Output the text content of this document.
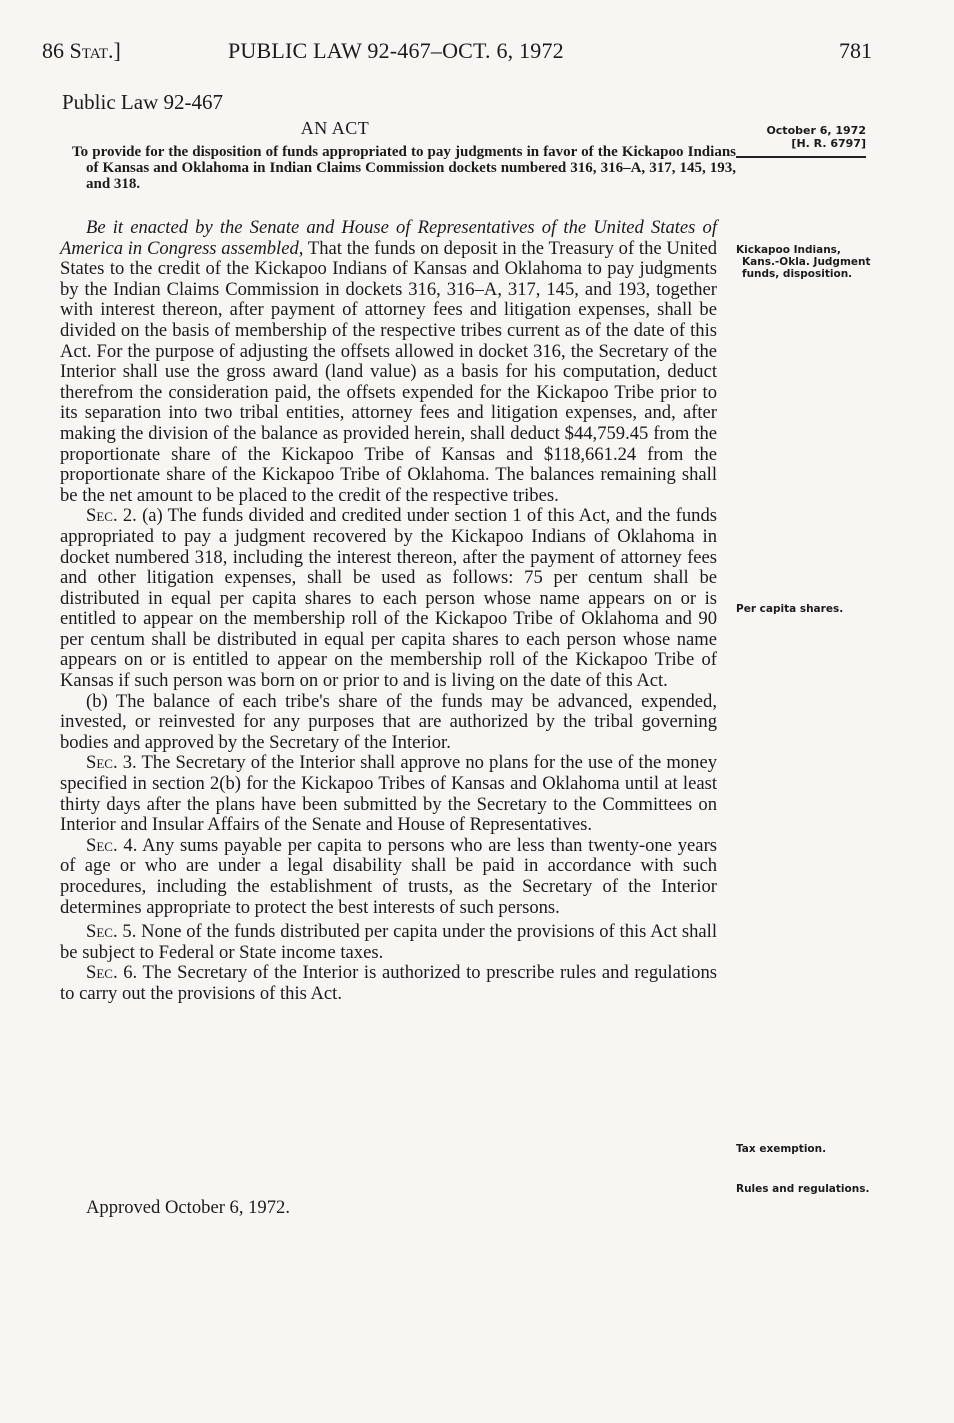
86 Stat.]	PUBLIC LAW 92-467–OCT. 6, 1972	781
Public Law 92-467
AN ACT
To provide for the disposition of funds appropriated to pay judgments in favor of the Kickapoo Indians of Kansas and Oklahoma in Indian Claims Commission dockets numbered 316, 316–A, 317, 145, 193, and 318.
October 6, 1972
[H. R. 6797]

Be it enacted by the Senate and House of Representatives of the United States of America in Congress assembled, That the funds on deposit in the Treasury of the United States to the credit of the Kickapoo Indians of Kansas and Oklahoma to pay judgments by the Indian Claims Commission in dockets 316, 316–A, 317, 145, and 193, together with interest thereon, after payment of attorney fees and litigation expenses, shall be divided on the basis of membership of the respective tribes current as of the date of this Act. For the purpose of adjusting the offsets allowed in docket 316, the Secretary of the Interior shall use the gross award (land value) as a basis for his computation, deduct therefrom the consideration paid, the offsets expended for the Kickapoo Tribe prior to its separation into two tribal entities, attorney fees and litigation expenses, and, after making the division of the balance as provided herein, shall deduct $44,759.45 from the proportionate share of the Kickapoo Tribe of Kansas and $118,661.24 from the proportionate share of the Kickapoo Tribe of Oklahoma. The balances remaining shall be the net amount to be placed to the credit of the respective tribes.

Sec. 2. (a) The funds divided and credited under section 1 of this Act, and the funds appropriated to pay a judgment recovered by the Kickapoo Indians of Oklahoma in docket numbered 318, including the interest thereon, after the payment of attorney fees and other litigation expenses, shall be used as follows: 75 per centum shall be distributed in equal per capita shares to each person whose name appears on or is entitled to appear on the membership roll of the Kickapoo Tribe of Oklahoma and 90 per centum shall be distributed in equal per capita shares to each person whose name appears on or is entitled to appear on the membership roll of the Kickapoo Tribe of Kansas if such person was born on or prior to and is living on the date of this Act.

(b) The balance of each tribe's share of the funds may be advanced, expended, invested, or reinvested for any purposes that are authorized by the tribal governing bodies and approved by the Secretary of the Interior.

Sec. 3. The Secretary of the Interior shall approve no plans for the use of the money specified in section 2(b) for the Kickapoo Tribes of Kansas and Oklahoma until at least thirty days after the plans have been submitted by the Secretary to the Committees on Interior and Insular Affairs of the Senate and House of Representatives.

Sec. 4. Any sums payable per capita to persons who are less than twenty-one years of age or who are under a legal disability shall be paid in accordance with such procedures, including the establishment of trusts, as the Secretary of the Interior determines appropriate to protect the best interests of such persons.

Sec. 5. None of the funds distributed per capita under the provisions of this Act shall be subject to Federal or State income taxes.

Sec. 6. The Secretary of the Interior is authorized to prescribe rules and regulations to carry out the provisions of this Act.

Approved October 6, 1972.
Kickapoo Indians, Kans.-Okla. Judgment funds, disposition.
Per capita shares.
Tax exemption.
Rules and regulations.
